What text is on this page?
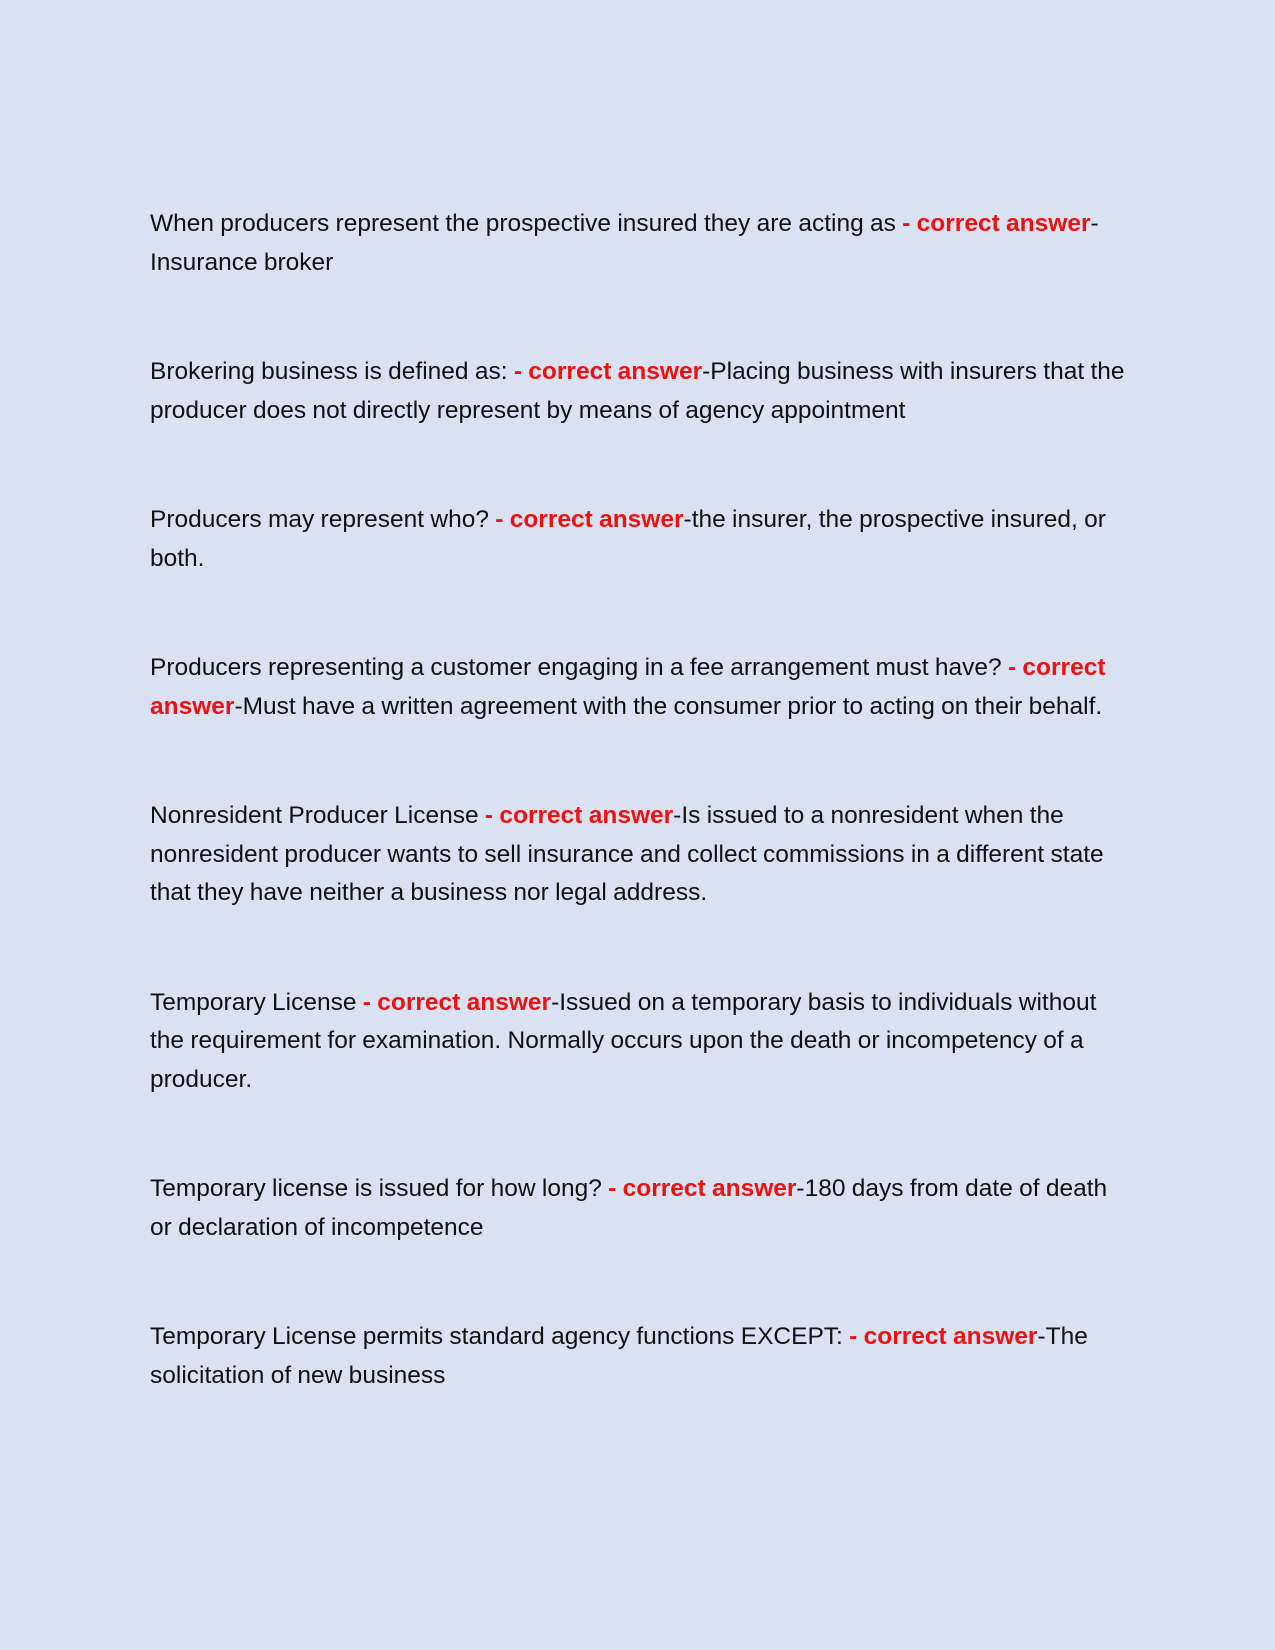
When producers represent the prospective insured they are acting as - correct answer-Insurance broker

Brokering business is defined as: - correct answer-Placing business with insurers that the producer does not directly represent by means of agency appointment

Producers may represent who? - correct answer-the insurer, the prospective insured, or both.

Producers representing a customer engaging in a fee arrangement must have? - correct answer-Must have a written agreement with the consumer prior to acting on their behalf.

Nonresident Producer License - correct answer-Is issued to a nonresident when the nonresident producer wants to sell insurance and collect commissions in a different state that they have neither a business nor legal address.

Temporary License - correct answer-Issued on a temporary basis to individuals without the requirement for examination. Normally occurs upon the death or incompetency of a producer.

Temporary license is issued for how long? - correct answer-180 days from date of death or declaration of incompetence

Temporary License permits standard agency functions EXCEPT: - correct answer-The solicitation of new business
